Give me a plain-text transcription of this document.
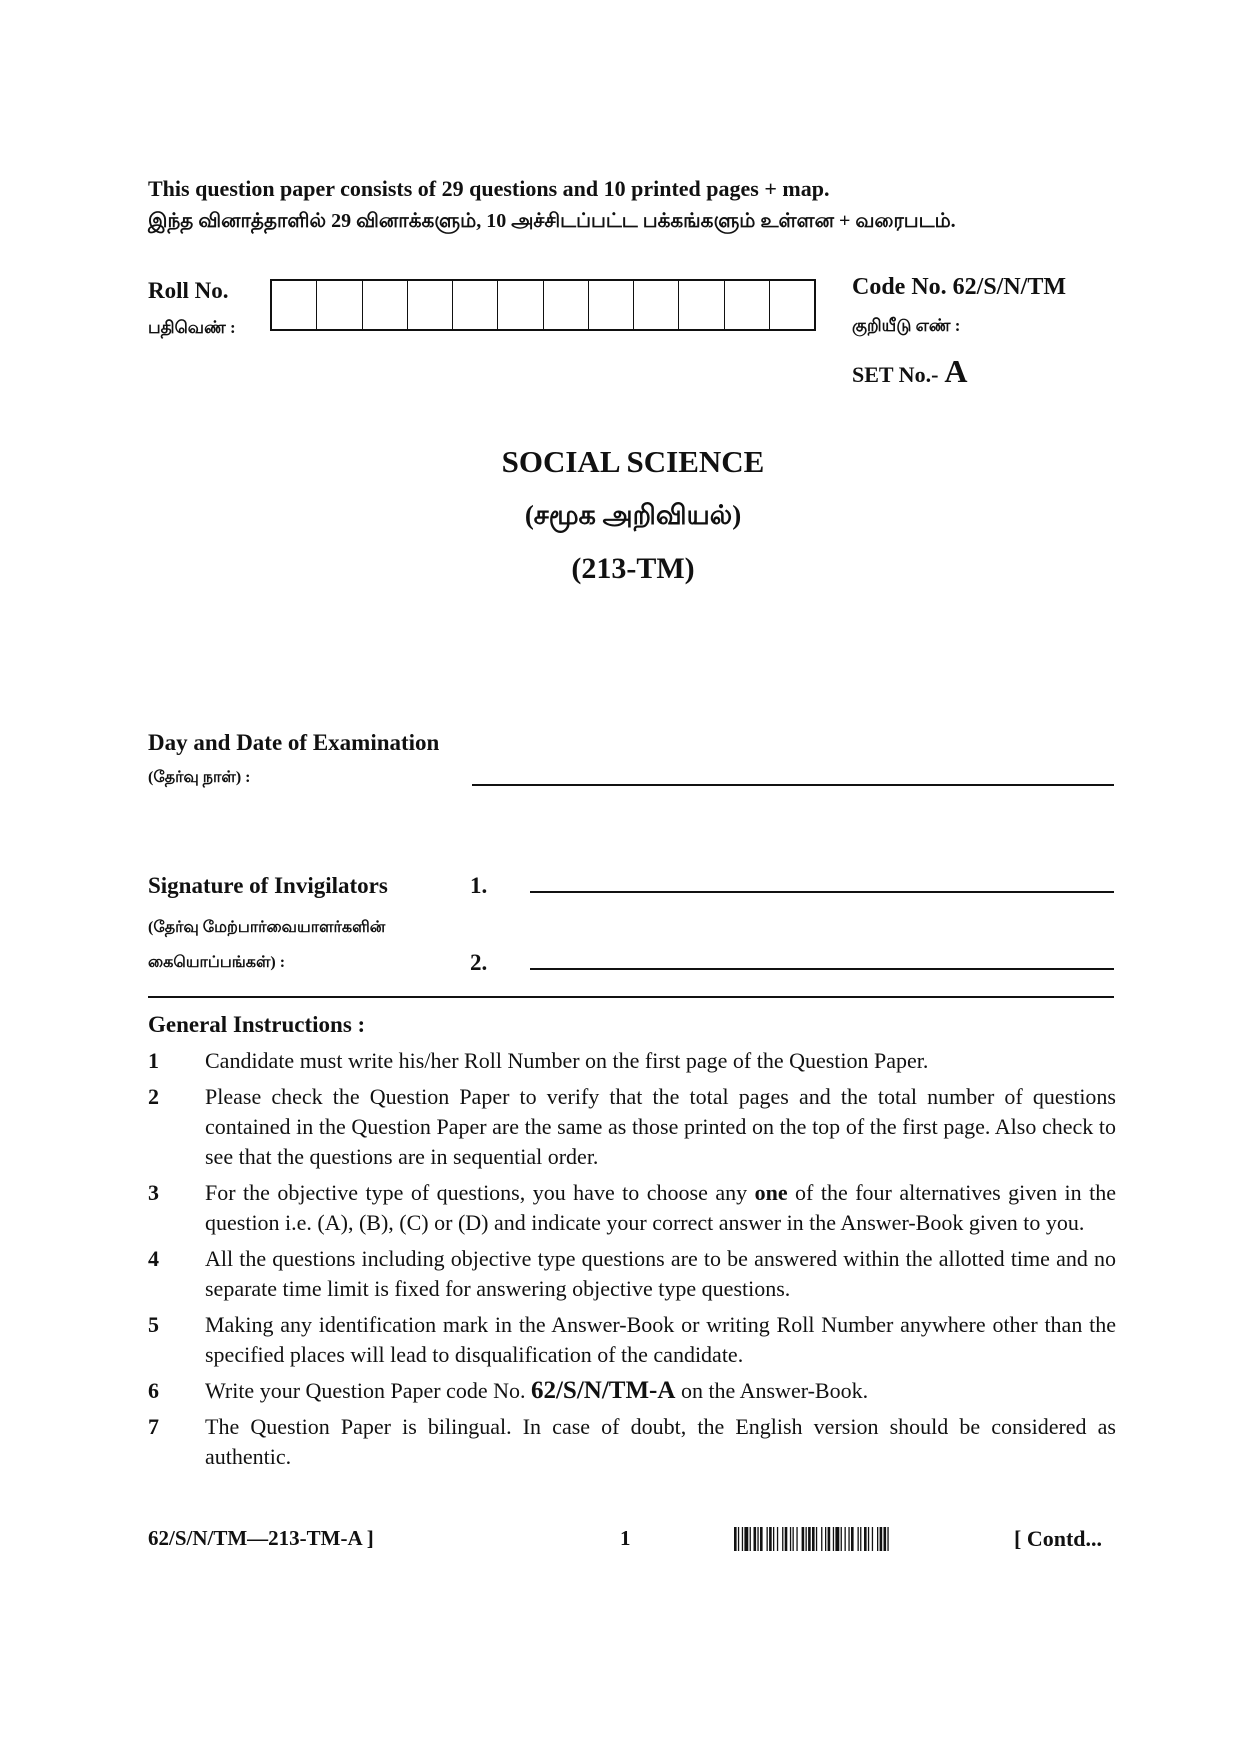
This question paper consists of 29 questions and 10 printed pages + map.
இந்த வினாத்தாளில் 29 வினாக்களும், 10 அச்சிடப்பட்ட பக்கங்களும் உள்ளன + வரைபடம்.
Roll No.
பதிவெண் :
Code No. 62/S/N/TM
குறியீடு எண் :
SET No.- A
SOCIAL SCIENCE
(சமூக அறிவியல்)
(213-TM)
Day and Date of Examination
(தேர்வு நாள்) :
Signature of Invigilators
(தேர்வு மேற்பார்வையாளர்களின்
கையொப்பங்கள்) :
1.
2.
General Instructions :
1	Candidate must write his/her Roll Number on the first page of the Question Paper.
2	Please check the Question Paper to verify that the total pages and the total number of questions contained in the Question Paper are the same as those printed on the top of the first page. Also check to see that the questions are in sequential order.
3	For the objective type of questions, you have to choose any one of the four alternatives given in the question i.e. (A), (B), (C) or (D) and indicate your correct answer in the Answer-Book given to you.
4	All the questions including objective type questions are to be answered within the allotted time and no separate time limit is fixed for answering objective type questions.
5	Making any identification mark in the Answer-Book or writing Roll Number anywhere other than the specified places will lead to disqualification of the candidate.
6	Write your Question Paper code No. 62/S/N/TM-A on the Answer-Book.
7	The Question Paper is bilingual. In case of doubt, the English version should be considered as authentic.
62/S/N/TM—213-TM-A ]	1	[ Contd...
